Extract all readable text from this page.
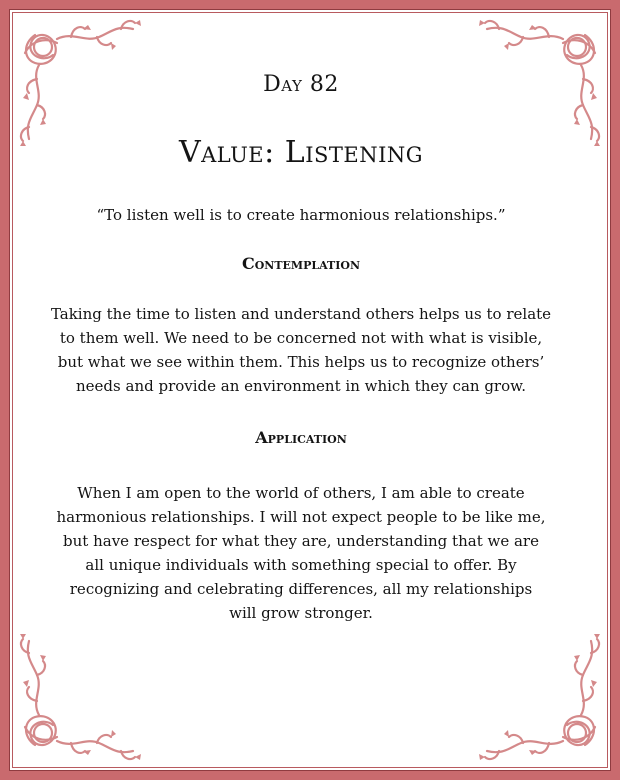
Day 82
Value: Listening
“To listen well is to create harmonious relationships.”
Contemplation
Taking the time to listen and understand others helps us to relate
to them well. We need to be concerned not with what is visible,
but what we see within them. This helps us to recognize others’
needs and provide an environment in which they can grow.
Application
When I am open to the world of others, I am able to create
harmonious relationships. I will not expect people to be like me,
but have respect for what they are, understanding that we are
all unique individuals with something special to offer. By
recognizing and celebrating differences, all my relationships
will grow stronger.
